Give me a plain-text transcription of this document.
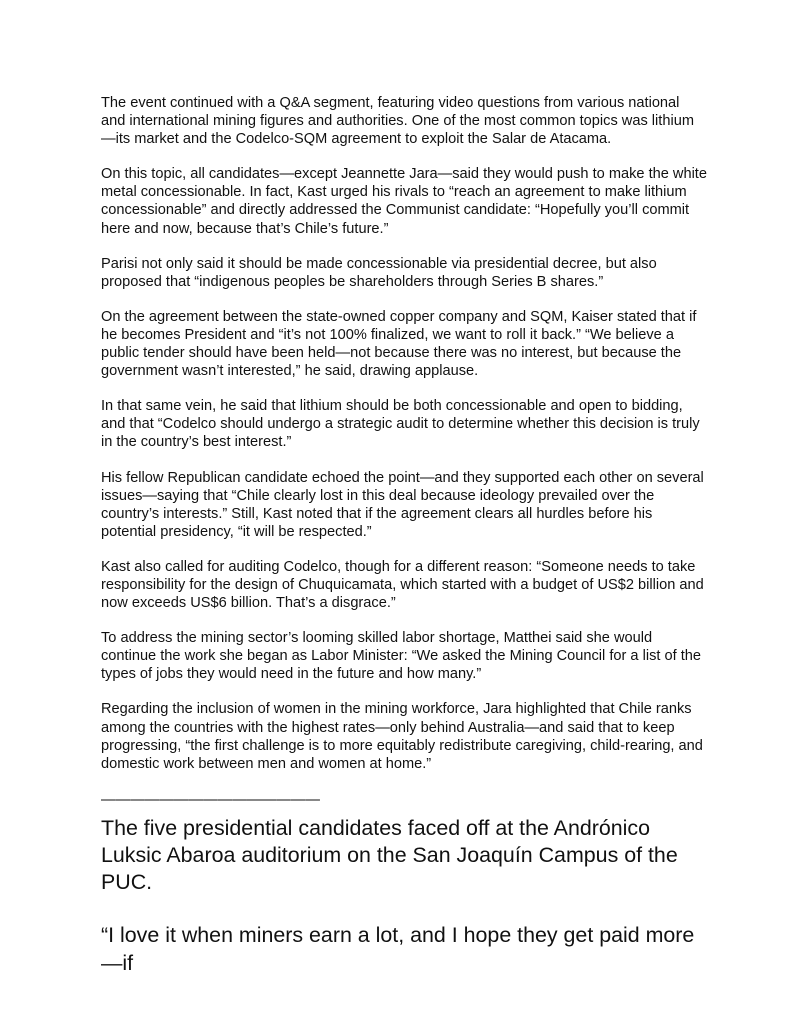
The event continued with a Q&A segment, featuring video questions from various national and international mining figures and authorities. One of the most common topics was lithium—its market and the Codelco-SQM agreement to exploit the Salar de Atacama.

On this topic, all candidates—except Jeannette Jara—said they would push to make the white metal concessionable. In fact, Kast urged his rivals to “reach an agreement to make lithium concessionable” and directly addressed the Communist candidate: “Hopefully you’ll commit here and now, because that’s Chile’s future.”

Parisi not only said it should be made concessionable via presidential decree, but also proposed that “indigenous peoples be shareholders through Series B shares.”

On the agreement between the state-owned copper company and SQM, Kaiser stated that if he becomes President and “it’s not 100% finalized, we want to roll it back.” “We believe a public tender should have been held—not because there was no interest, but because the government wasn’t interested,” he said, drawing applause.

In that same vein, he said that lithium should be both concessionable and open to bidding, and that “Codelco should undergo a strategic audit to determine whether this decision is truly in the country’s best interest.”

His fellow Republican candidate echoed the point—and they supported each other on several issues—saying that “Chile clearly lost in this deal because ideology prevailed over the country’s interests.” Still, Kast noted that if the agreement clears all hurdles before his potential presidency, “it will be respected.”

Kast also called for auditing Codelco, though for a different reason: “Someone needs to take responsibility for the design of Chuquicamata, which started with a budget of US$2 billion and now exceeds US$6 billion. That’s a disgrace.”

To address the mining sector’s looming skilled labor shortage, Matthei said she would continue the work she began as Labor Minister: “We asked the Mining Council for a list of the types of jobs they would need in the future and how many.”

Regarding the inclusion of women in the mining workforce, Jara highlighted that Chile ranks among the countries with the highest rates—only behind Australia—and said that to keep progressing, “the first challenge is to more equitably redistribute caregiving, child-rearing, and domestic work between men and women at home.”

———————————————

The five presidential candidates faced off at the Andrónico Luksic Abaroa auditorium on the San Joaquín Campus of the PUC.

“I love it when miners earn a lot, and I hope they get paid more—if
